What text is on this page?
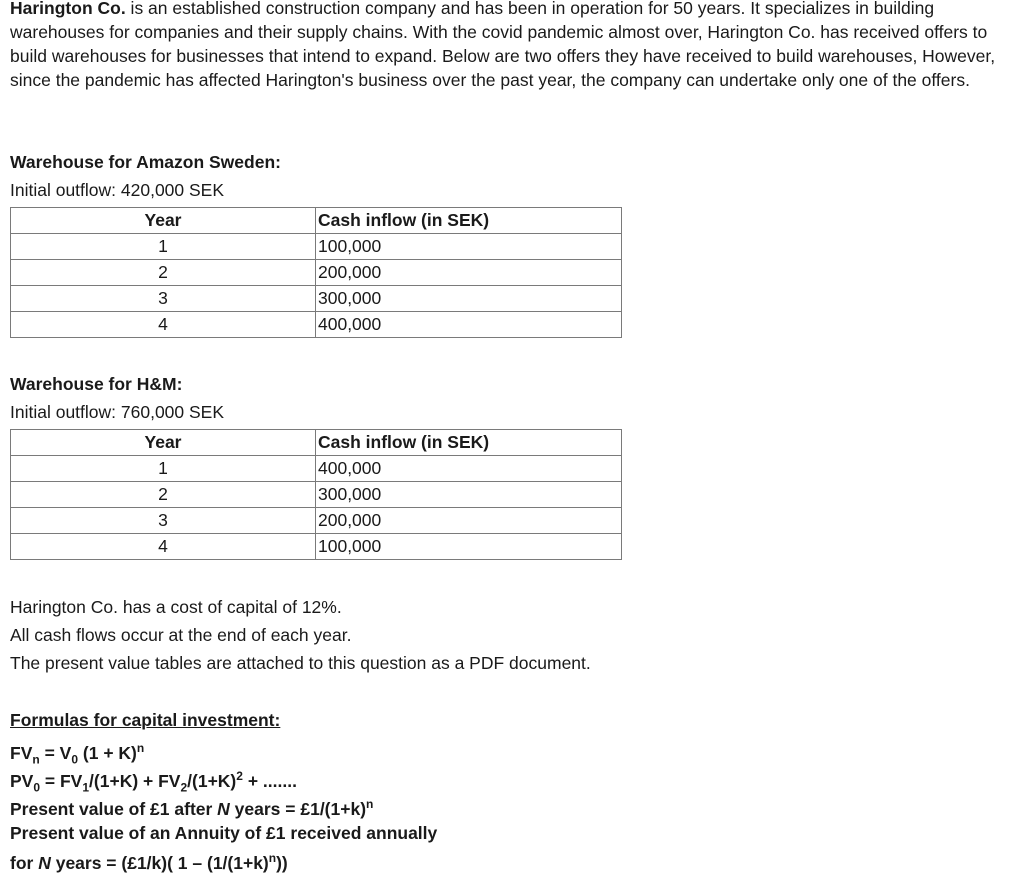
Harington Co. is an established construction company and has been in operation for 50 years. It specializes in building warehouses for companies and their supply chains. With the covid pandemic almost over, Harington Co. has received offers to build warehouses for businesses that intend to expand. Below are two offers they have received to build warehouses, However, since the pandemic has affected Harington's business over the past year, the company can undertake only one of the offers.

Warehouse for Amazon Sweden:

Initial outflow: 420,000 SEK

Year	Cash inflow (in SEK)
1	100,000
2	200,000
3	300,000
4	400,000

Warehouse for H&M:

Initial outflow: 760,000 SEK

Year	Cash inflow (in SEK)
1	400,000
2	300,000
3	200,000
4	100,000

Harington Co. has a cost of capital of 12%.

All cash flows occur at the end of each year.

The present value tables are attached to this question as a PDF document.

Formulas for capital investment:

$FV_n = V_0$ $(1 + K)^n$

$PV_0 = FV_1/(1+K) + FV_2/(1+K)^2$ + .......

Present value of £1 after N years = $£1/(1+k)^n$

Present value of an Annuity of £1 received annually

for N years = (£1/k)( $1 - (1/(1+k)^n)$)
